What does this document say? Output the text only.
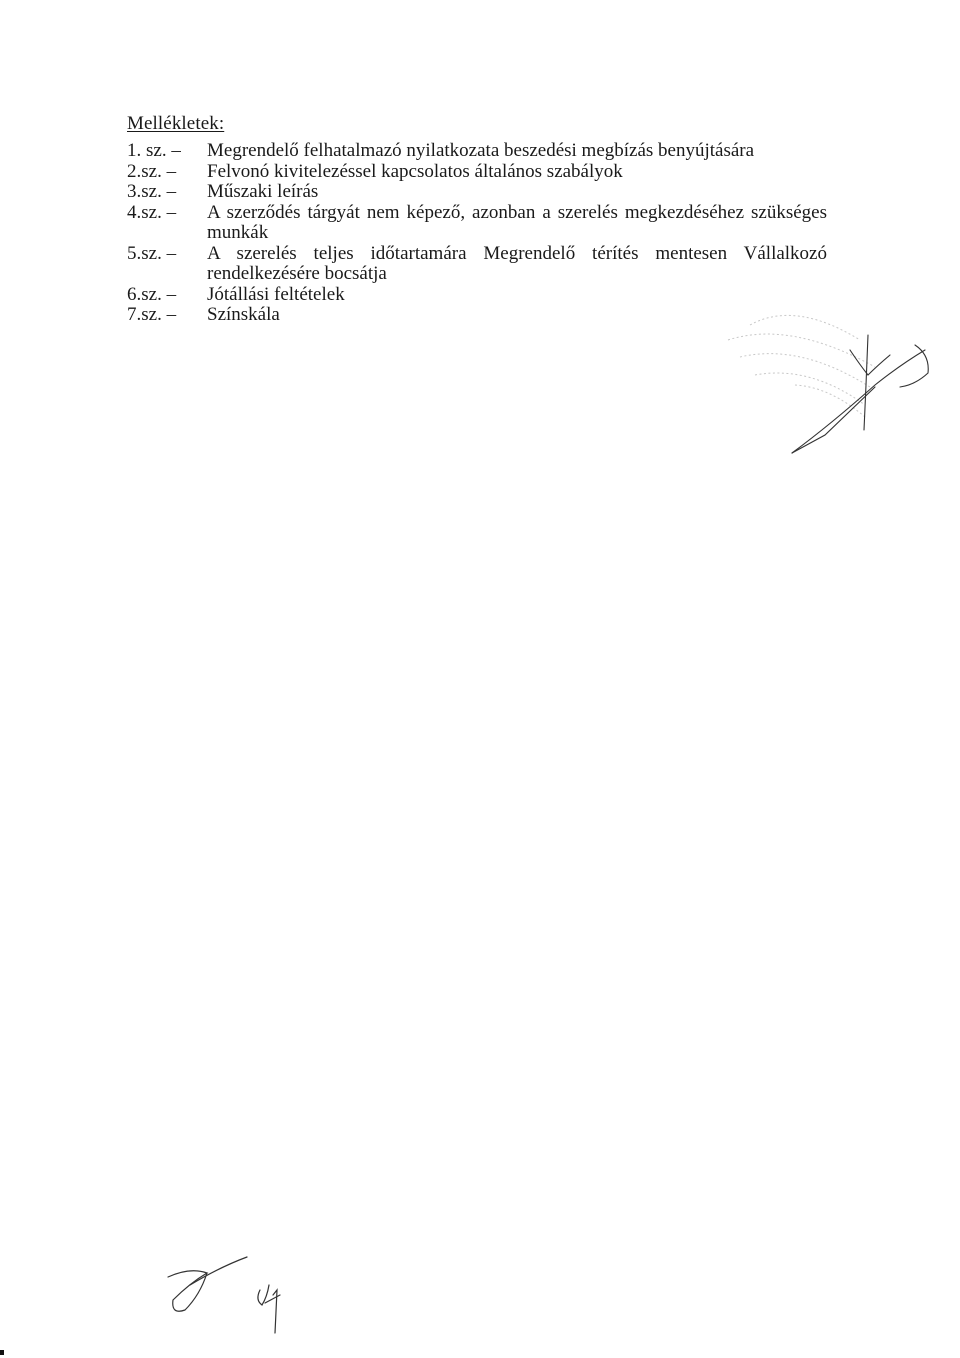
Mellékletek:
1. sz. –	Megrendelő felhatalmazó nyilatkozata beszedési megbízás benyújtására
2.sz. –	Felvonó kivitelezéssel kapcsolatos általános szabályok
3.sz. –	Műszaki leírás
4.sz. –	A szerződés tárgyát nem képező, azonban a szerelés megkezdéséhez szükséges munkák
5.sz. –	A szerelés teljes időtartamára Megrendelő térítés mentesen Vállalkozó rendelkezésére bocsátja
6.sz. –	Jótállási feltételek
7.sz. –	Színskála
